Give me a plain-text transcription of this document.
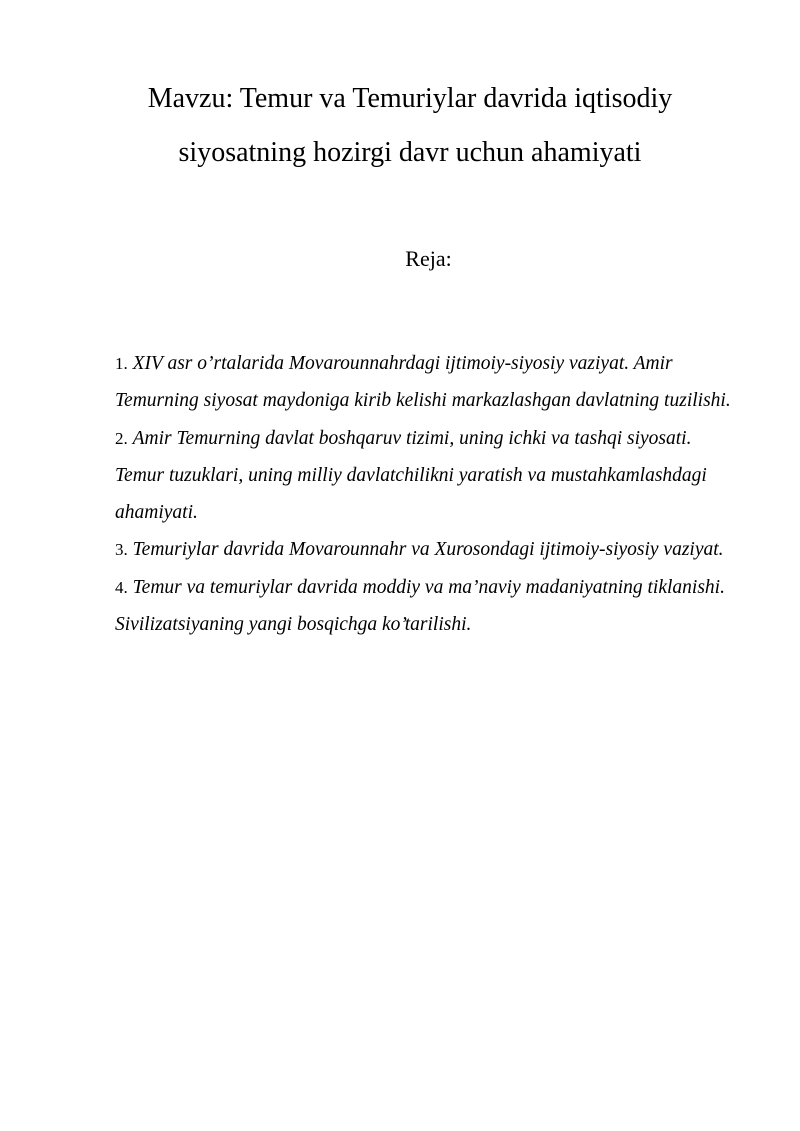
Mavzu: Temur va Temuriylar davrida iqtisodiy
siyosatning hozirgi davr uchun ahamiyati
Reja:
1. XIV asr o’rtalarida Movarounnahrdagi ijtimoiy-siyosiy vaziyat. Amir Temurning siyosat maydoniga kirib kelishi markazlashgan davlatning tuzilishi.
2. Amir Temurning davlat boshqaruv tizimi, uning ichki va tashqi siyosati. Temur tuzuklari, uning milliy davlatchilikni yaratish va mustahkamlashdagi ahamiyati.
3. Temuriylar davrida Movarounnahr va Xurosondagi ijtimoiy-siyosiy vaziyat.
4. Temur va temuriylar davrida moddiy va ma’naviy madaniyatning tiklanishi. Sivilizatsiyaning yangi bosqichga ko’tarilishi.
